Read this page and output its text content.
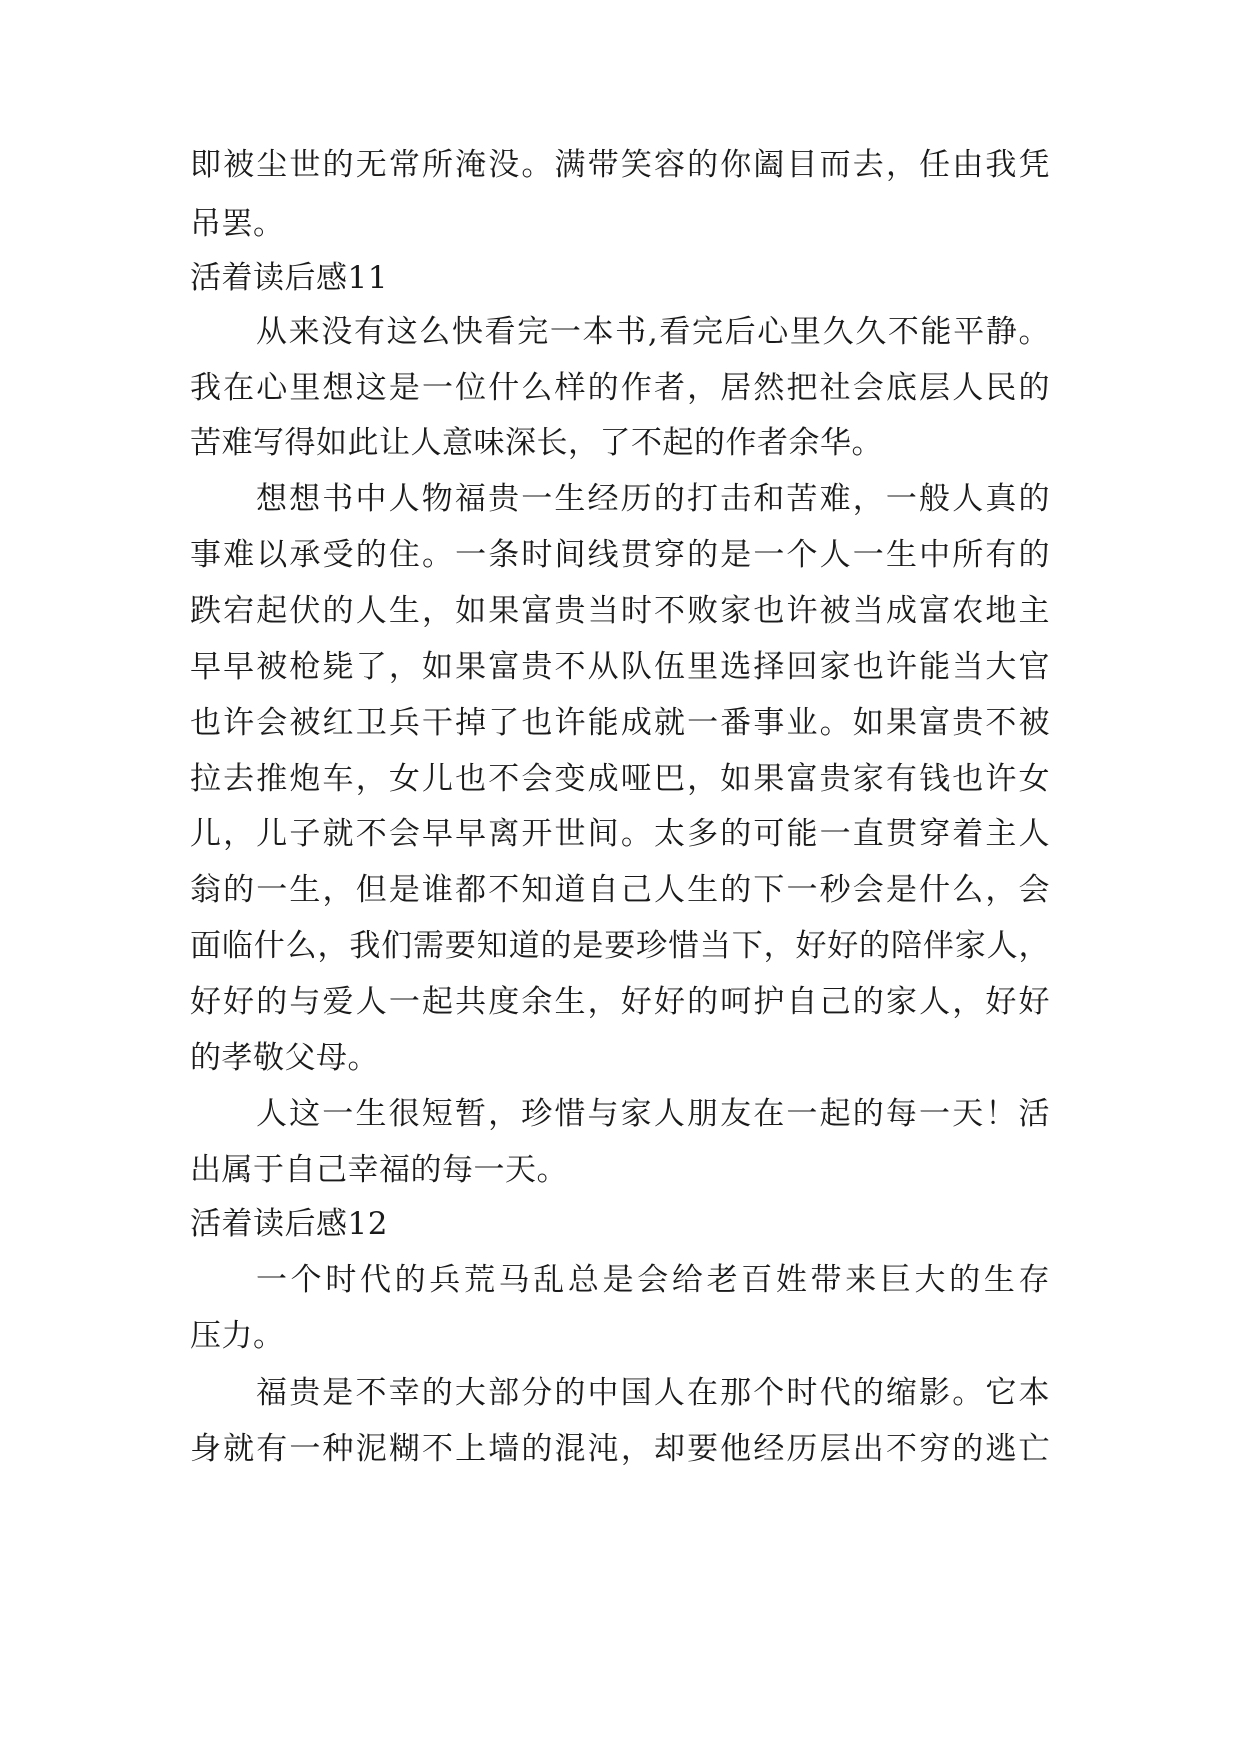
即被尘世的无常所淹没。满带笑容的你阖目而去，任由我凭
吊罢。
活着读后感11
从来没有这么快看完一本书,看完后心里久久不能平静。
我在心里想这是一位什么样的作者，居然把社会底层人民的
苦难写得如此让人意味深长，了不起的作者余华。
想想书中人物福贵一生经历的打击和苦难，一般人真的
事难以承受的住。一条时间线贯穿的是一个人一生中所有的
跌宕起伏的人生，如果富贵当时不败家也许被当成富农地主
早早被枪毙了，如果富贵不从队伍里选择回家也许能当大官
也许会被红卫兵干掉了也许能成就一番事业。如果富贵不被
拉去推炮车，女儿也不会变成哑巴，如果富贵家有钱也许女
儿，儿子就不会早早离开世间。太多的可能一直贯穿着主人
翁的一生，但是谁都不知道自己人生的下一秒会是什么，会
面临什么，我们需要知道的是要珍惜当下，好好的陪伴家人，
好好的与爱人一起共度余生，好好的呵护自己的家人，好好
的孝敬父母。
人这一生很短暂，珍惜与家人朋友在一起的每一天！活
出属于自己幸福的每一天。
活着读后感12
一个时代的兵荒马乱总是会给老百姓带来巨大的生存
压力。
福贵是不幸的大部分的中国人在那个时代的缩影。它本
身就有一种泥糊不上墙的混沌，却要他经历层出不穷的逃亡
